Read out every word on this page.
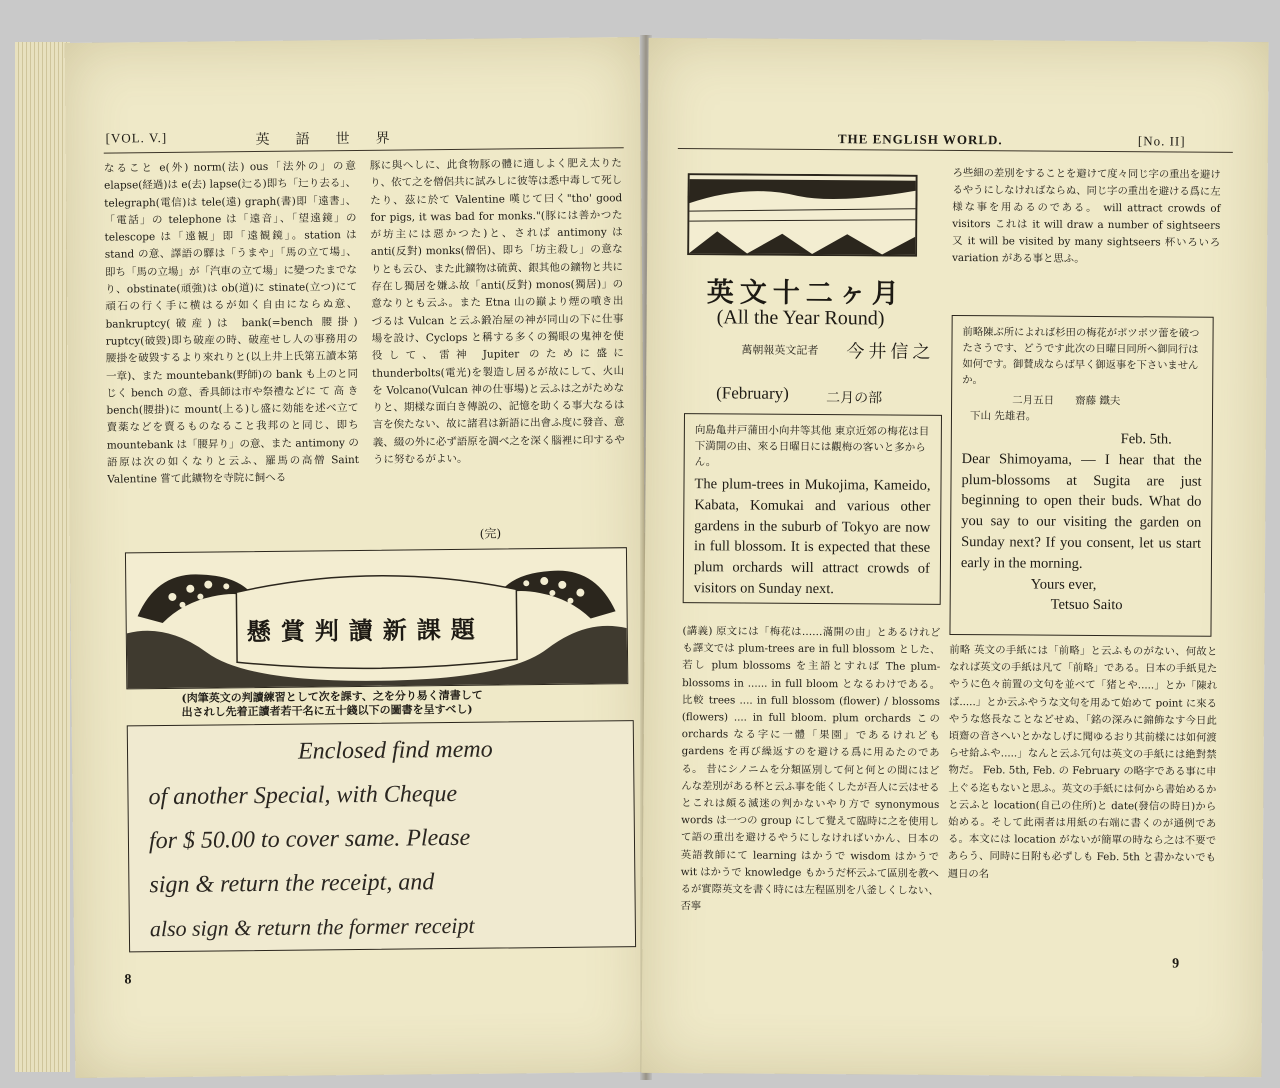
[VOL. V.]	英　語　世　界

なること e(外) norm(法) ous「法外の」の意 elapse(経過)は e(去) lapse(辷る)即ち「辷り去る」、telegraph(電信)は tele(遠) graph(書)即「遠書」、「電話」の telephone は「遠音」、「望遠鏡」の telescope は「遠観」即「遠観鏡」。station は stand の意、譯語の驛は「うまや」「馬の立て場」、即ち「馬の立場」が「汽車の立て場」に變つたまでなり、obstinate(頑強)は ob(道)に stinate(立つ)にて頑石の行く手に横はるが如く自由にならぬ意、bankruptcy(破産)は bank(=bench 腰掛) ruptcy(破毀)即ち破産の時、破産せし人の事務用の腰掛を破毀するより來れりと(以上井上氏第五讀本第一章)、また mountebank(野師)の bank も上のと同じく bench の意、香具師は市や祭禮などに て 高 き bench(腰掛)に mount(上る)し盛に効能を述べ立て賣薬などを賣るものなること我邦のと同じ、即ち mountebank は「腰昇り」の意、また antimony の語原は次の如くなりと云ふ、羅馬の高僧 Saint Valentine 嘗て此鑛物を寺院に飼へる

豚に與へしに、此食物豚の體に適しよく肥え太りたり、依て之を僧侶共に試みしに彼等は悉中毒して死したり、茲に於て Valentine 嘆じて曰く"tho' good for pigs, it was bad for monks."(豚には善かつたが坊主には惡かつた)と、されば antimony は anti(反對) monks(僧侶)、即ち「坊主殺し」の意なりとも云ひ、また此鑛物は硫黄、銀其他の鑛物と共に存在し獨居を嫌ふ故「anti(反對) monos(獨居)」の意なりとも云ふ。また Etna 山の巓より煙の噴き出づるは Vulcan と云ふ鍛冶屋の神が同山の下に仕事場を設け、Cyclops と稱する多くの獨眼の鬼神を使役して、雷神 Jupiter のために盛に thunderbolts(電光)を製造し居るが故にして、火山を Volcano(Vulcan 神の仕事場)と云ふは之がためなりと、期樣な面白き傳説の、記憶を助くる事大なるは言を俟たない、故に諸君は新語に出會ふ度に發音、意義、綴の外に必ず語原を調べ之を深く腦裡に印するやうに努むるがよい。

(完)
懸賞判讀新課題
(肉筆英文の判讀練習として次を課す、之を分り易く清書して
出されし先着正讀者若干名に五十錢以下の圖書を呈すべし)
Enclosed find memo
of another Special, with Cheque
for $ 50.00 to cover same. Please
sign & return the receipt, and
also sign & return the former receipt
8
THE ENGLISH WORLD.	[No. II]
英文十二ヶ月
(All the Year Round)
萬朝報英文記者 今井信之
(February)	二月の部
向島亀井戸蒲田小向井等其他 東京近郊の梅花は目下満開の由、來る日曜日には觀梅の客いと多からん。
The plum-trees in Mukojima, Kameido, Kabata, Komukai and various other gardens in the suburb of Tokyo are now in full blossom. It is expected that these plum orchards will attract crowds of visitors on Sunday next.

(講義) 原文には「梅花は……滿開の由」とあるけれども譯文では plum-trees are in full blossom とした、若し plum blossoms を主語とすれば The plum-blossoms in ...... in full bloom となるわけである。比較 trees .... in full blossom (flower) / blossoms (flowers) .... in full bloom. plum orchards この orchards なる字に一體「果園」であるけれども gardens を再び繰返すのを避ける爲に用ゐたのである。 昔にシノニムを分類區別して何と何との間にはどんな差別がある杯と云ふ事を能くしたが吾人に云はせるとこれは頗る滅迷の判かないやり方で synonymous words は一つの group にして覺えて臨時に之を使用して語の重出を避けるやうにしなければいかん、日本の英語教師にて learning はかうで wisdom はかうで wit はかうで knowledge もかうだ杯云ふて區別を教へるが實際英文を書く時には左程區別を八釜しくしない、否寧

ろ些細の差別をすることを避けて度々同じ字の重出を避けるやうにしなければならぬ、同じ字の重出を避ける爲に左様な事を用ゐるのである。 will attract crowds of visitors これは it will draw a number of sightseers 又 it will be visited by many sightseers 杯いろいろ variation がある事と思ふ。

前略陳ぶ所によれば杉田の梅花がポツポツ蕾を破つたさうです、どうです此次の日曜日同所へ御同行は如何です。御賛成ならば早く御返事を下さいませんか。
二月五日　　齋藤 鐵夫
下山 先雄君。
Feb. 5th.
Dear Shimoyama, — I hear that the plum-blossoms at Sugita are just beginning to open their buds. What do you say to our visiting the garden on Sunday next? If you consent, let us start early in the morning.
Yours ever,
Tetsuo Saito

前略 英文の手紙には「前略」と云ふものがない、何故となれば英文の手紙は凡て「前略」である。日本の手紙見たやうに色々前置の文句を並べて「猪とや.....」とか「陳れば.....」とか云ふやうな文句を用ゐて始めて point に來るやうな悠長なことなどせぬ、「銘の深みに錦飾なす今日此頃齋の音さへいとかなしげに聞ゆるおり其前樣には如何渡らせ給ふや.....」なんと云ふ冗句は英文の手紙には絶對禁物だ。 Feb. 5th, Feb. の February の略字である事に申上ぐる迄もないと思ふ。英文の手紙には何から書始めるかと云ふと location(自己の住所)と date(發信の時日)から始める。そして此兩者は用紙の右端に書くのが通例である。本文には location がないが簡單の時なら之は不要であらう、同時に日附も必ずしも Feb. 5th と書かないでも週日の名

9
